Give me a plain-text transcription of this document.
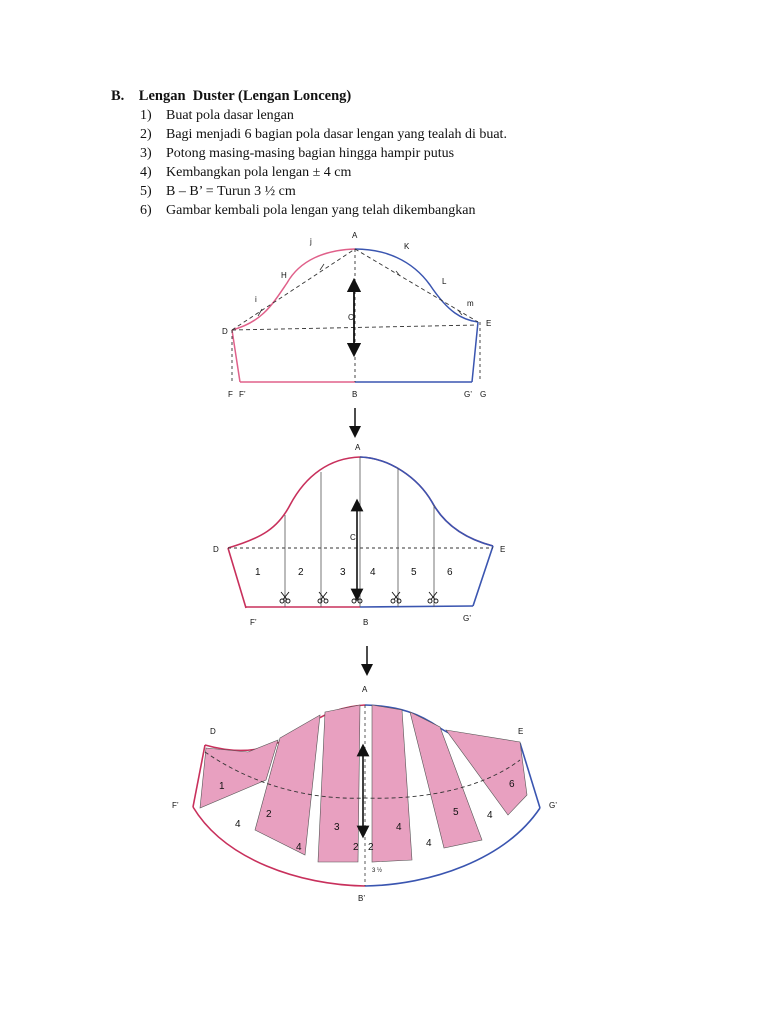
B.    Lengan  Duster (Lengan Lonceng)
1) Buat pola dasar lengan
2) Bagi menjadi 6 bagian pola dasar lengan yang tealah di buat.
3) Potong masing-masing bagian hingga hampir putus
4) Kembangkan pola lengan ± 4 cm
5) B – B’ = Turun 3 ½ cm
6) Gambar kembali pola lengan yang telah dikembangkan
A
j
K
H
L
i	m
C
D
E
F F’	B	G’ G
1	2	3 4	5	6
A
C
D	E
F’	B	G’
1
2
3	4
5
6
4
4	2 2	4
4
A
D	E
F’	G’
3 ½
B’
